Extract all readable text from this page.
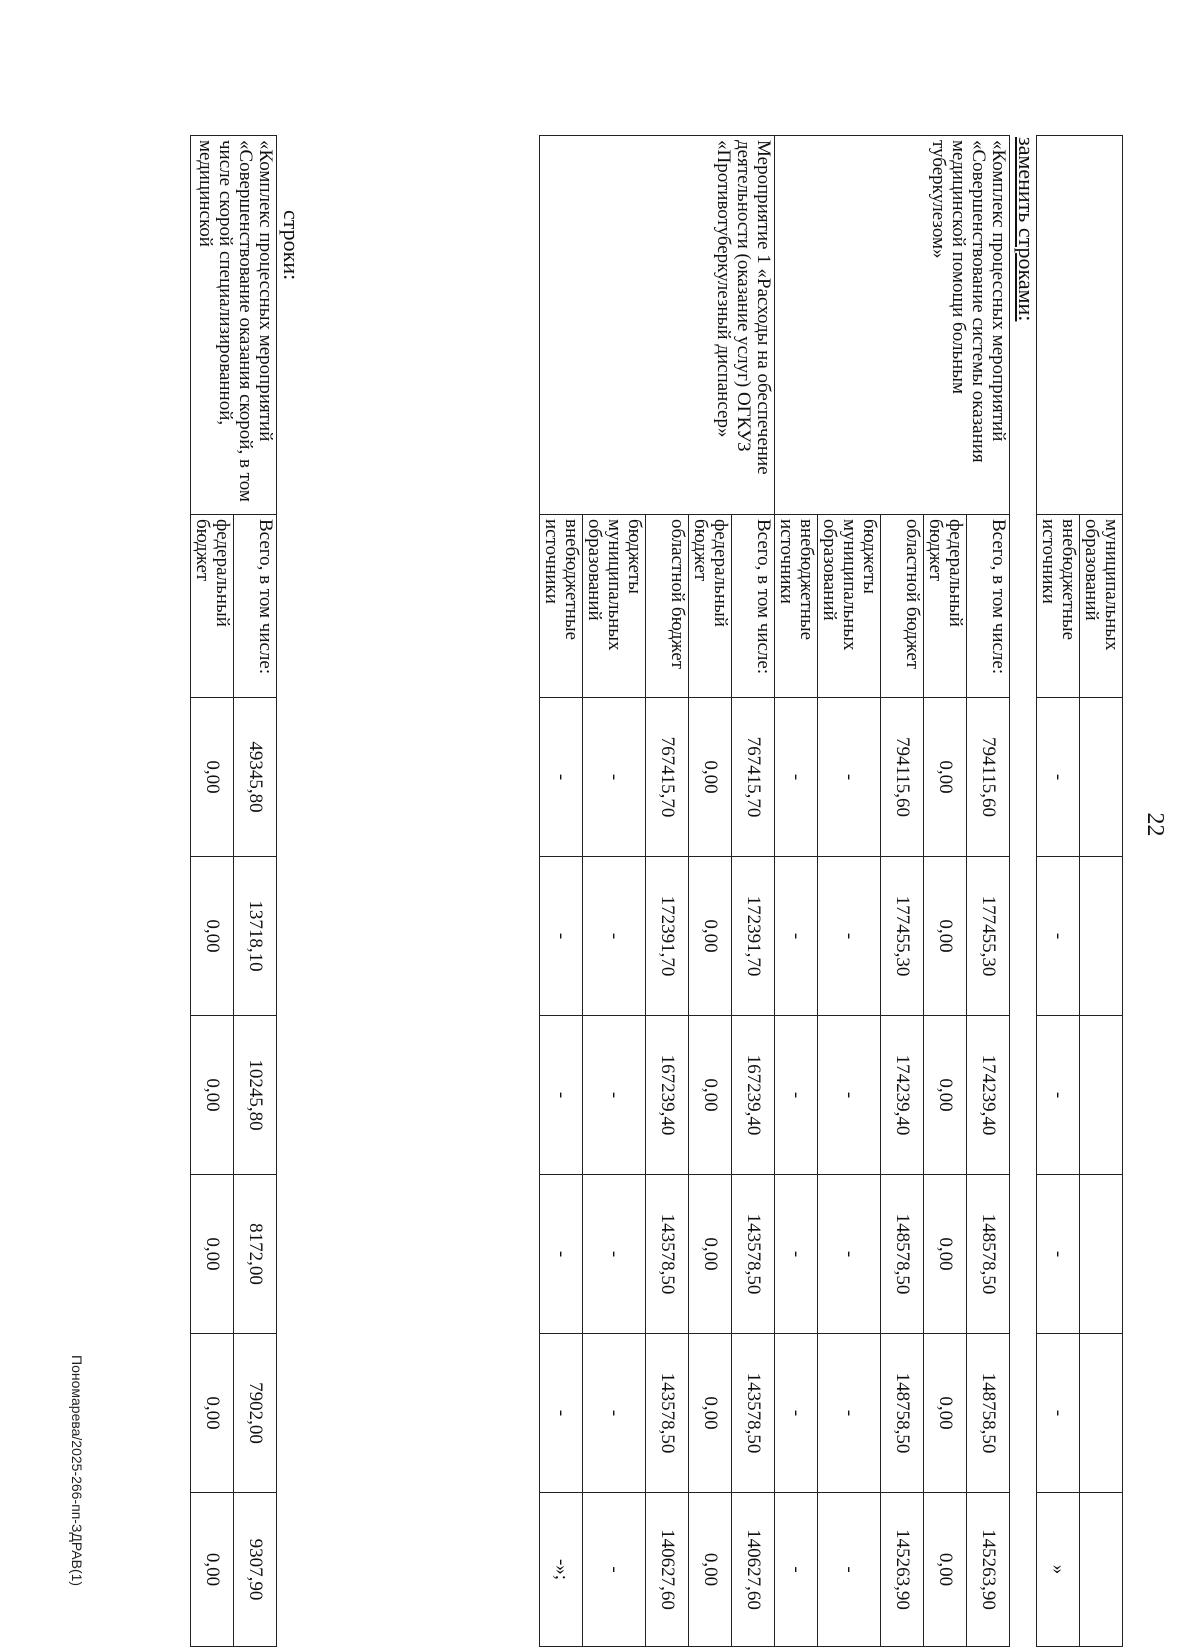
22
	муниципальных образований						
	внебюджетные источники	-	-	-	-	-	»
заменить строками:
«Комплекс процессных мероприятий «Совершенствование системы оказания медицинской помощи больным туберкулезом»	Всего, в том числе:	794115,60	177455,30	174239,40	148578,50	148758,50	145263,90
	федеральный бюджет	0,00	0,00	0,00	0,00	0,00	0,00
	областной бюджет	794115,60	177455,30	174239,40	148578,50	148758,50	145263,90
	бюджеты муниципальных образований	-	-	-	-	-	-
	внебюджетные источники	-	-	-	-	-	-
Мероприятие 1 «Расходы на обеспечение деятельности (оказание услуг) ОГКУЗ «Противотуберкулезный диспансер»	Всего, в том числе:	767415,70	172391,70	167239,40	143578,50	143578,50	140627,60
	федеральный бюджет	0,00	0,00	0,00	0,00	0,00	0,00
	областной бюджет	767415,70	172391,70	167239,40	143578,50	143578,50	140627,60
	бюджеты муниципальных образований	-	-	-	-	-	-
	внебюджетные источники	-	-	-	-	-	-»;
строки:
«Комплекс процессных мероприятий «Совершенствование оказания скорой, в том числе скорой специализированной, медицинской	Всего, в том числе:	49345,80	13718,10	10245,80	8172,00	7902,00	9307,90
	федеральный бюджет	0,00	0,00	0,00	0,00	0,00	0,00
Пономарева/2025-266-пп-ЗДРАВ(1)
